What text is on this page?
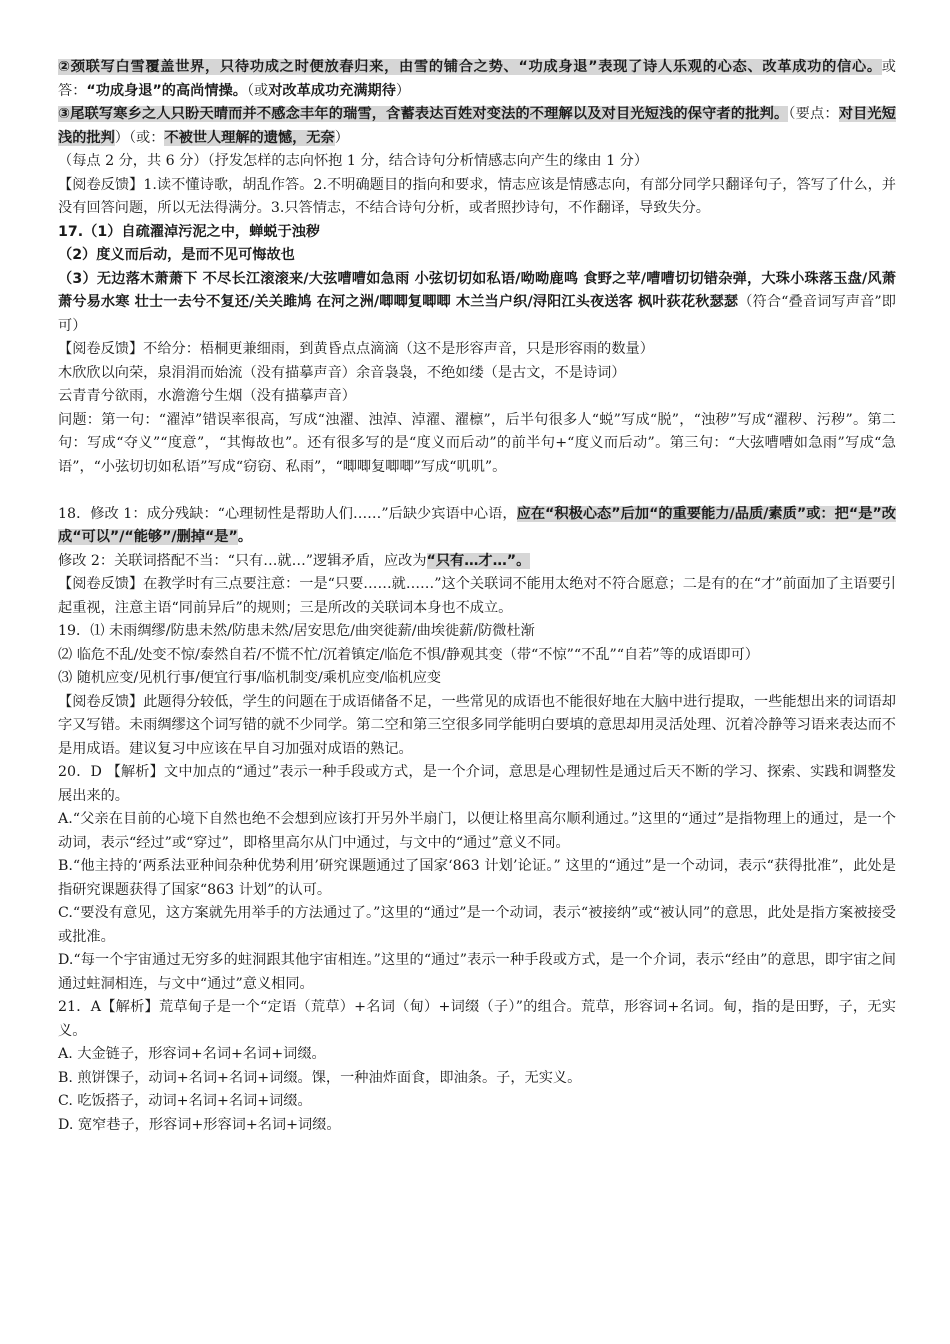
②颈联写白雪覆盖世界，只待功成之时便放春归来，由雪的铺合之势、“功成身退”表现了诗人乐观的心态、改革成功的信心。或答：“功成身退”的高尚情操。（或对改革成功充满期待）

③尾联写寒乡之人只盼天晴而并不感念丰年的瑞雪，含蓄表达百姓对变法的不理解以及对目光短浅的保守者的批判。（要点：对目光短浅的批判）（或：不被世人理解的遗憾，无奈）

（每点 2 分，共 6 分）（抒发怎样的志向怀抱 1 分，结合诗句分析情感志向产生的缘由 1 分）

【阅卷反馈】1.读不懂诗歌，胡乱作答。2.不明确题目的指向和要求，情志应该是情感志向，有部分同学只翻译句子，答写了什么，并没有回答问题，所以无法得满分。3.只答情志，不结合诗句分析，或者照抄诗句，不作翻译，导致失分。

17.（1）自疏濯淖污泥之中，蝉蜕于浊秽

（2）度义而后动，是而不见可悔故也

（3）无边落木萧萧下 不尽长江滚滚来/大弦嘈嘈如急雨 小弦切切如私语/呦呦鹿鸣 食野之苹/嘈嘈切切错杂弹，大珠小珠落玉盘/风萧萧兮易水寒 壮士一去兮不复还/关关雎鸠 在河之洲/唧唧复唧唧 木兰当户织/浔阳江头夜送客 枫叶荻花秋瑟瑟（符合“叠音词写声音”即可）

【阅卷反馈】不给分：梧桐更兼细雨，到黄昏点点滴滴（这不是形容声音，只是形容雨的数量）

木欣欣以向荣，泉涓涓而始流（没有描摹声音）余音袅袅，不绝如缕（是古文，不是诗词）

云青青兮欲雨，水澹澹兮生烟（没有描摹声音）

问题：第一句：“濯淖”错误率很高，写成“浊濯、浊淖、淖濯、濯檩”，后半句很多人“蜕”写成“脱”，“浊秽”写成“濯秽、污秽”。第二句：写成“夺义”“度意”，“其悔故也”。还有很多写的是“度义而后动”的前半句+“度义而后动”。第三句：“大弦嘈嘈如急雨”写成“急语”，“小弦切切如私语”写成“窃窃、私雨”，“唧唧复唧唧”写成“叽叽”。

18．修改 1：成分残缺：“心理韧性是帮助人们……”后缺少宾语中心语，应在“积极心态”后加“的重要能力/品质/素质”或：把“是”改成“可以”/“能够”/删掉“是”。

修改 2：关联词搭配不当：“只有…就…”逻辑矛盾，应改为“只有…才…”。

【阅卷反馈】在教学时有三点要注意：一是“只要……就……”这个关联词不能用太绝对不符合愿意；二是有的在“才”前面加了主语要引起重视，注意主语“同前异后”的规则；三是所改的关联词本身也不成立。

19．⑴ 未雨绸缪/防患未然/防患未然/居安思危/曲突徙薪/曲埃徙薪/防微杜渐

⑵ 临危不乱/处变不惊/泰然自若/不慌不忙/沉着镇定/临危不惧/静观其变（带“不惊”“不乱”“自若”等的成语即可）

⑶ 随机应变/见机行事/便宜行事/临机制变/乘机应变/临机应变

【阅卷反馈】此题得分较低，学生的问题在于成语储备不足，一些常见的成语也不能很好地在大脑中进行提取，一些能想出来的词语却字又写错。未雨绸缪这个词写错的就不少同学。第二空和第三空很多同学能明白要填的意思却用灵活处理、沉着冷静等习语来表达而不是用成语。建议复习中应该在早自习加强对成语的熟记。

20．D 【解析】文中加点的“通过”表示一种手段或方式，是一个介词，意思是心理韧性是通过后天不断的学习、探索、实践和调整发展出来的。

A.“父亲在目前的心境下自然也绝不会想到应该打开另外半扇门，以便让格里高尔顺利通过。”这里的“通过”是指物理上的通过，是一个动词，表示“经过”或“穿过”，即格里高尔从门中通过，与文中的“通过”意义不同。

B.“他主持的‘两系法亚种间杂种优势利用’研究课题通过了国家‘863 计划’论证。” 这里的“通过”是一个动词，表示“获得批准”，此处是指研究课题获得了国家“863 计划”的认可。

C.“要没有意见，这方案就先用举手的方法通过了。”这里的“通过”是一个动词，表示“被接纳”或“被认同”的意思，此处是指方案被接受或批准。

D.“每一个宇宙通过无穷多的蛀洞跟其他宇宙相连。”这里的“通过”表示一种手段或方式，是一个介词，表示“经由”的意思，即宇宙之间通过蛀洞相连，与文中“通过”意义相同。

21．A【解析】荒草甸子是一个“定语（荒草）+名词（甸）+词缀（子）”的组合。荒草，形容词+名词。甸，指的是田野，子，无实义。

A. 大金链子，形容词+名词+名词+词缀。

B. 煎饼馃子，动词+名词+名词+词缀。馃，一种油炸面食，即油条。子，无实义。

C. 吃饭搭子，动词+名词+名词+词缀。

D. 宽窄巷子，形容词+形容词+名词+词缀。
